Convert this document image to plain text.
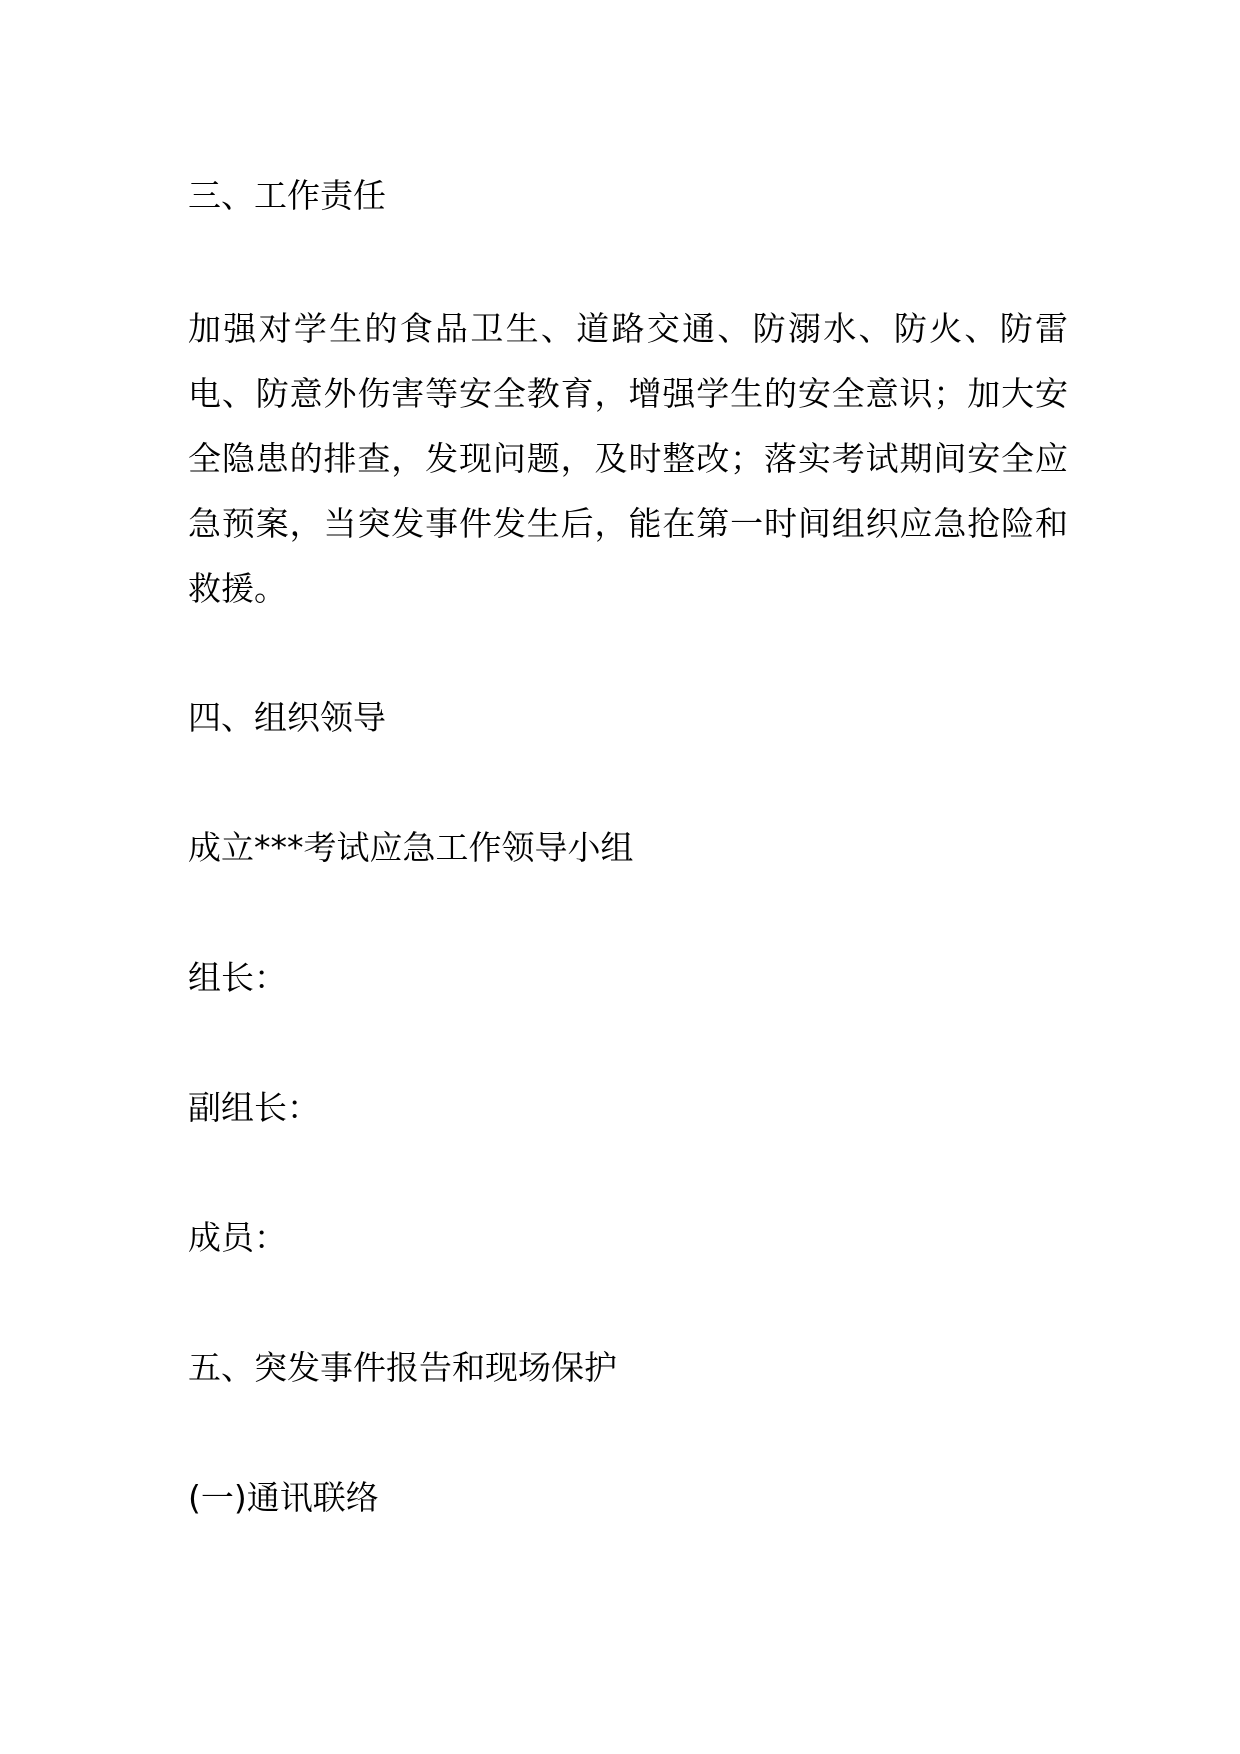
三、工作责任

加强对学生的食品卫生、道路交通、防溺水、防火、防雷电、防意外伤害等安全教育，增强学生的安全意识；加大安全隐患的排查，发现问题，及时整改；落实考试期间安全应急预案，当突发事件发生后，能在第一时间组织应急抢险和救援。

四、组织领导

成立***考试应急工作领导小组

组长：

副组长：

成员：

五、突发事件报告和现场保护

(一)通讯联络
